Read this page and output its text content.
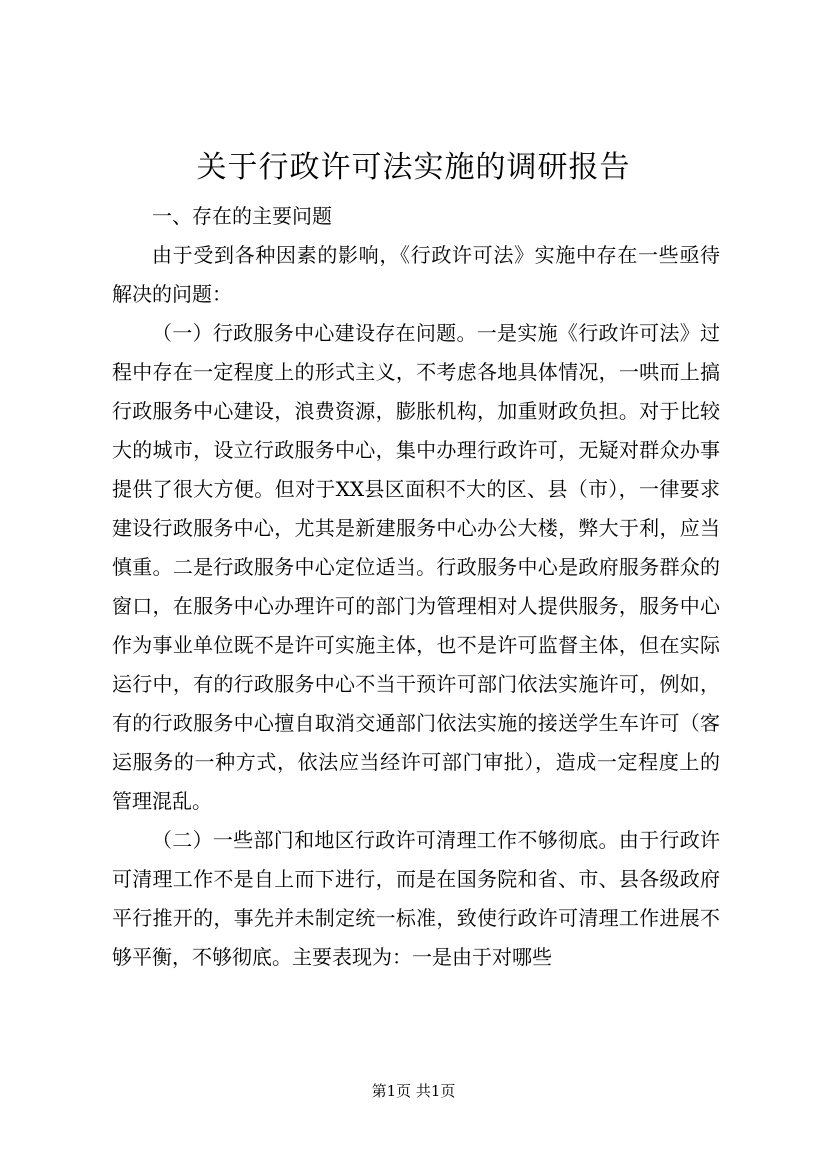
关于行政许可法实施的调研报告

一、存在的主要问题

由于受到各种因素的影响，《行政许可法》实施中存在一些亟待解决的问题：

（一）行政服务中心建设存在问题。一是实施《行政许可法》过程中存在一定程度上的形式主义，不考虑各地具体情况，一哄而上搞行政服务中心建设，浪费资源，膨胀机构，加重财政负担。对于比较大的城市，设立行政服务中心，集中办理行政许可，无疑对群众办事提供了很大方便。但对于XX县区面积不大的区、县（市），一律要求建设行政服务中心，尤其是新建服务中心办公大楼，弊大于利，应当慎重。二是行政服务中心定位适当。行政服务中心是政府服务群众的窗口，在服务中心办理许可的部门为管理相对人提供服务，服务中心作为事业单位既不是许可实施主体，也不是许可监督主体，但在实际运行中，有的行政服务中心不当干预许可部门依法实施许可，例如，有的行政服务中心擅自取消交通部门依法实施的接送学生车许可（客运服务的一种方式，依法应当经许可部门审批），造成一定程度上的管理混乱。

（二）一些部门和地区行政许可清理工作不够彻底。由于行政许可清理工作不是自上而下进行，而是在国务院和省、市、县各级政府平行推开的，事先并未制定统一标准，致使行政许可清理工作进展不够平衡，不够彻底。主要表现为：一是由于对哪些

第1页 共1页
